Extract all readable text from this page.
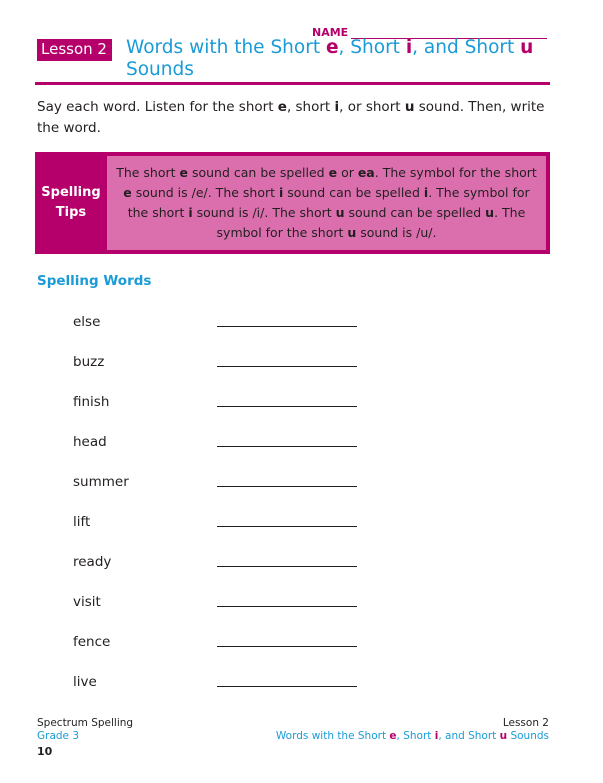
NAME
Lesson 2 Words with the Short e, Short i, and Short u Sounds
Say each word. Listen for the short e, short i, or short u sound. Then, write the word.
Spelling
Tips
The short e sound can be spelled e or ea. The symbol for the short e sound is /e/. The short i sound can be spelled i. The symbol for the short i sound is /i/. The short u sound can be spelled u. The symbol for the short u sound is /u/.
Spelling Words
else
buzz
finish
head
summer
lift
ready
visit
fence
live
Spectrum Spelling
Grade 3
Lesson 2
Words with the Short e, Short i, and Short u Sounds
10
